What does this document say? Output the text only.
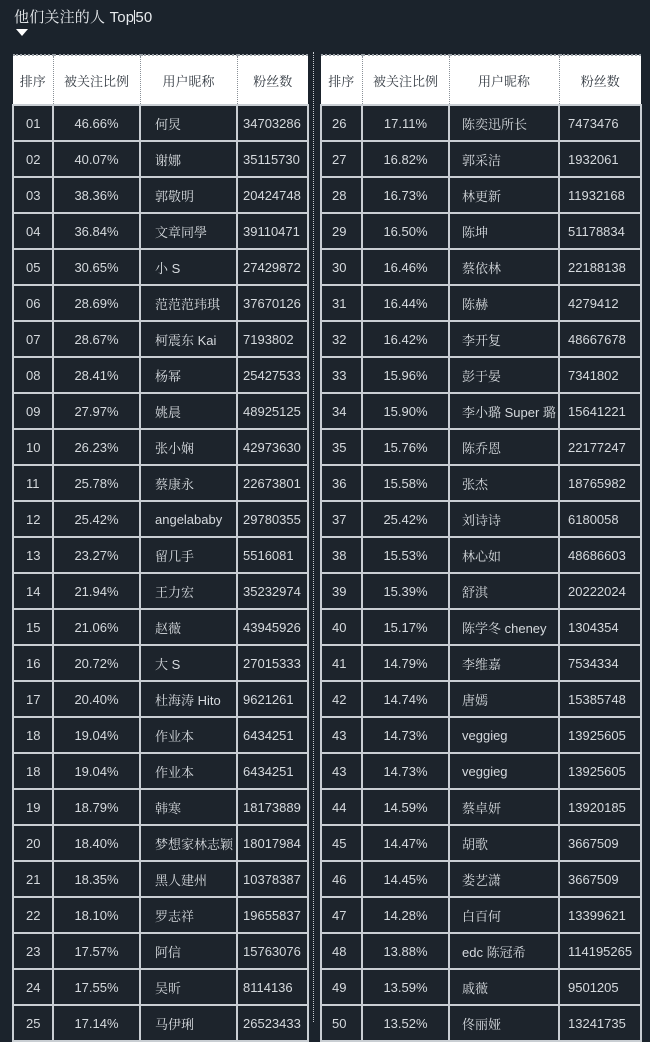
他们关注的人 Top50
排序	被关注比例	用户昵称	粉丝数
01	46.66%	何炅	34703286
02	40.07%	谢娜	35115730
03	38.36%	郭敬明	20424748
04	36.84%	文章同學	39110471
05	30.65%	小 S	27429872
06	28.69%	范范范玮琪	37670126
07	28.67%	柯震东 Kai	7193802
08	28.41%	杨幂	25427533
09	27.97%	姚晨	48925125
10	26.23%	张小娴	42973630
11	25.78%	蔡康永	22673801
12	25.42%	angelababy	29780355
13	23.27%	留几手	5516081
14	21.94%	王力宏	35232974
15	21.06%	赵薇	43945926
16	20.72%	大 S	27015333
17	20.40%	杜海涛 Hito	9621261
18	19.04%	作业本	6434251
18	19.04%	作业本	6434251
19	18.79%	韩寒	18173889
20	18.40%	梦想家林志颖	18017984
21	18.35%	黑人建州	10378387
22	18.10%	罗志祥	19655837
23	17.57%	阿信	15763076
24	17.55%	吴昕	8114136
25	17.14%	马伊琍	26523433
排序	被关注比例	用户昵称	粉丝数
26	17.11%	陈奕迅所长	7473476
27	16.82%	郭采洁	1932061
28	16.73%	林更新	11932168
29	16.50%	陈坤	51178834
30	16.46%	蔡依林	22188138
31	16.44%	陈赫	4279412
32	16.42%	李开复	48667678
33	15.96%	彭于晏	7341802
34	15.90%	李小璐 Super 璐	15641221
35	15.76%	陈乔恩	22177247
36	15.58%	张杰	18765982
37	25.42%	刘诗诗	6180058
38	15.53%	林心如	48686603
39	15.39%	舒淇	20222024
40	15.17%	陈学冬 cheney	1304354
41	14.79%	李维嘉	7534334
42	14.74%	唐嫣	15385748
43	14.73%	veggieg	13925605
43	14.73%	veggieg	13925605
44	14.59%	蔡卓妍	13920185
45	14.47%	胡歌	3667509
46	14.45%	娄艺潇	3667509
47	14.28%	白百何	13399621
48	13.88%	edc 陈冠希	114195265
49	13.59%	戚薇	9501205
50	13.52%	佟丽娅	13241735
